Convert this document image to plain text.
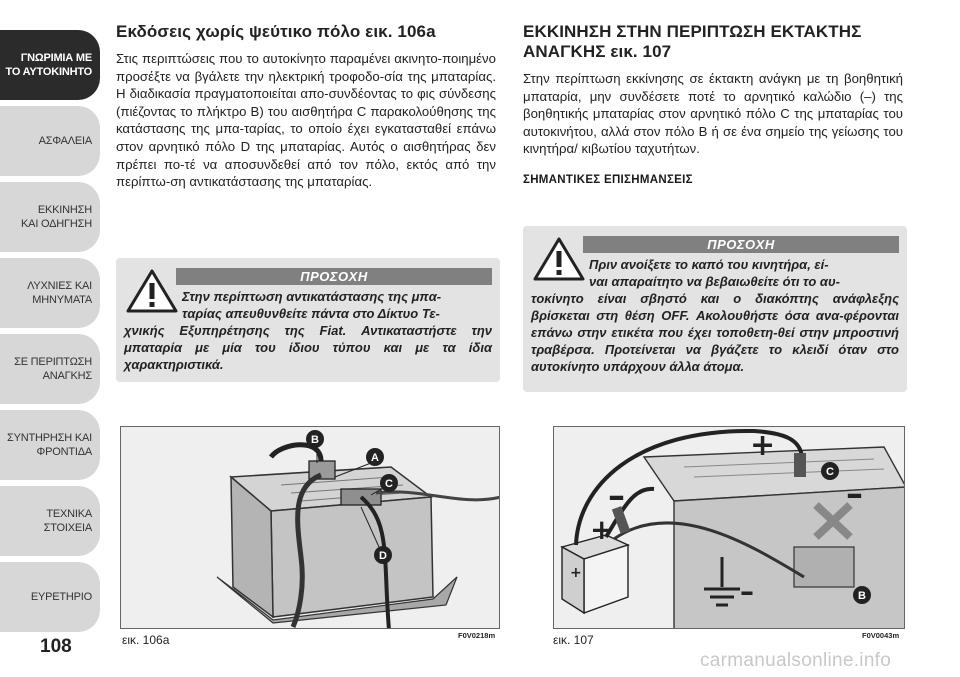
ΓΝΩΡΙΜΙΑ ΜΕ
ΤΟ ΑΥΤΟΚΙΝΗΤΟ
ΑΣΦΑΛΕΙΑ
ΕΚΚΙΝΗΣΗ
ΚΑΙ ΟΔΗΓΗΣΗ
ΛΥΧΝΙΕΣ ΚΑΙ
ΜΗΝΥΜΑΤΑ
ΣΕ ΠΕΡΙΠΤΩΣΗ
ΑΝΑΓΚΗΣ
ΣΥΝΤΗΡΗΣΗ ΚΑΙ
ΦΡΟΝΤΙΔΑ
ΤΕΧΝΙΚΑ
ΣΤΟΙΧΕΙΑ
ΕΥΡΕΤΗΡΙΟ
108
Εκδόσεις χωρίς ψεύτικο πόλο εικ. 106a

Στις περιπτώσεις που το αυτοκίνητο παραμένει ακινητο-ποιημένο προσέξτε να βγάλετε την ηλεκτρική τροφοδο-σία της μπαταρίας. Η διαδικασία πραγματοποιείται απο-συνδέοντας το φις σύνδεσης (πιέζοντας το πλήκτρο B) του αισθητήρα C παρακολούθησης της κατάστασης της μπα-ταρίας, το οποίο έχει εγκατασταθεί επάνω στον αρνητικό πόλο D της μπαταρίας. Αυτός ο αισθητήρας δεν πρέπει πο-τέ να αποσυνδεθεί από τον πόλο, εκτός από την περίπτω-ση αντικατάστασης της μπαταρίας.

ΠΡΟΣΟΧΗ
Στην περίπτωση αντικατάστασης της μπα-
ταρίας απευθυνθείτε πάντα στο Δίκτυο Τε-
χνικής Εξυπηρέτησης της Fiat. Αντικαταστήστε την μπαταρία με μία του ίδιου τύπου και με τα ίδια χαρακτηριστικά.
B
A
C
D
εικ. 106a	F0V0218m
ΕΚΚΙΝΗΣΗ ΣΤΗΝ ΠΕΡΙΠΤΩΣΗ ΕΚΤΑΚΤΗΣ
ΑΝΑΓΚΗΣ εικ. 107

Στην περίπτωση εκκίνησης σε έκτακτη ανάγκη με τη βοηθητική μπαταρία, μην συνδέσετε ποτέ το αρνητικό καλώδιο (–) της βοηθητικής μπαταρίας στον αρνητικό πόλο C της μπαταρίας του αυτοκινήτου, αλλά στον πόλο B ή σε ένα σημείο της γείωσης του κινητήρα/ κιβωτίου ταχυτήτων.

ΣΗΜΑΝΤΙΚΕΣ ΕΠΙΣΗΜΑΝΣΕΙΣ
ΠΡΟΣΟΧΗ
Πριν ανοίξετε το καπό του κινητήρα, εί-
ναι απαραίτητο να βεβαιωθείτε ότι το αυ-
τοκίνητο είναι σβηστό και ο διακόπτης ανάφλεξης βρίσκεται στη θέση OFF. Ακολουθήστε όσα ανα-φέρονται επάνω στην ετικέτα που έχει τοποθετη-θεί στην μπροστινή τραβέρσα. Προτείνεται να βγάζετε το κλειδί όταν στο αυτοκίνητο υπάρχουν άλλα άτομα.
+
–
+
–
–
+
C
B
εικ. 107	F0V0043m
carmanualsonline.info
